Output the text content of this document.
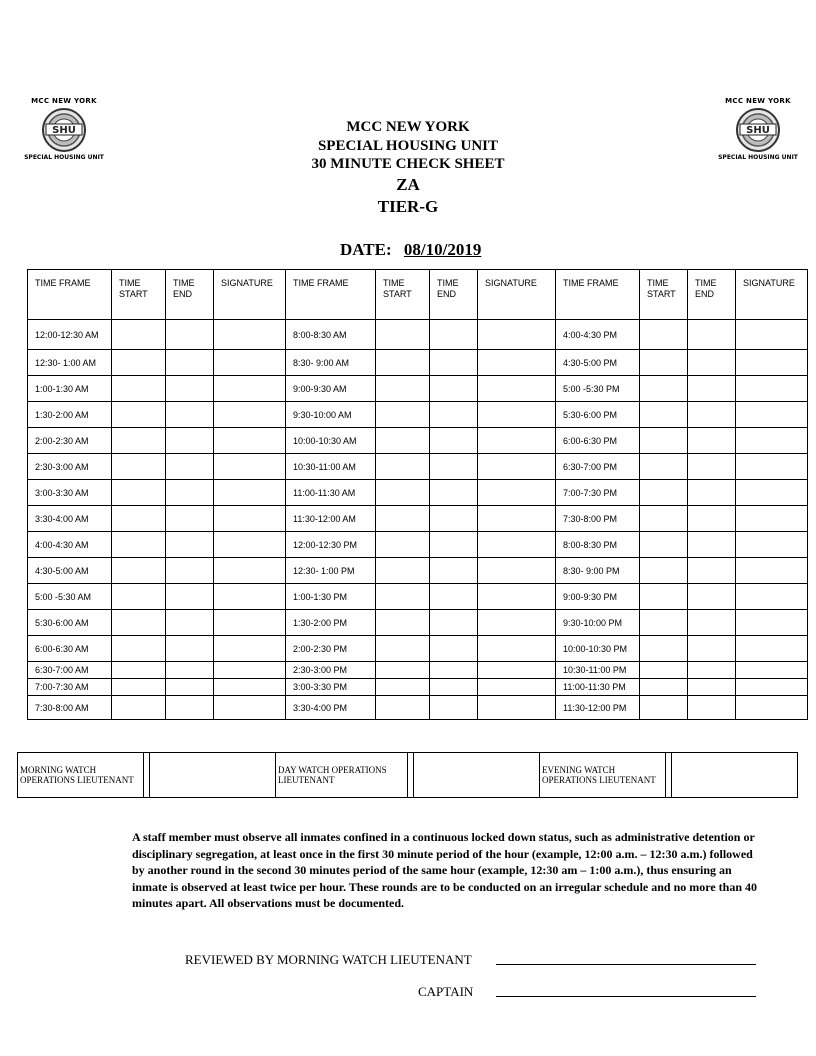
MCC NEW YORK
SHU
SPECIAL HOUSING UNIT
MCC NEW YORK
SHU
SPECIAL HOUSING UNIT
MCC NEW YORK
SPECIAL HOUSING UNIT
30 MINUTE CHECK SHEET
ZA
TIER-G
DATE: 08/10/2019
TIME FRAME	TIME START	TIME END	SIGNATURE	TIME FRAME	TIME START	TIME END	SIGNATURE	TIME FRAME	TIME START	TIME END	SIGNATURE
12:00-12:30 AM				8:00-8:30 AM				4:00-4:30 PM			
12:30- 1:00 AM				8:30- 9:00 AM				4:30-5:00 PM			
1:00-1:30 AM				9:00-9:30 AM				5:00 -5:30 PM			
1:30-2:00 AM				9:30-10:00 AM				5:30-6:00 PM			
2:00-2:30 AM				10:00-10:30 AM				6:00-6:30 PM			
2:30-3:00 AM				10:30-11:00 AM				6:30-7:00 PM			
3:00-3:30 AM				11:00-11:30 AM				7:00-7:30 PM			
3:30-4:00 AM				11:30-12:00 AM				7:30-8:00 PM			
4:00-4:30 AM				12:00-12:30 PM				8:00-8:30 PM			
4:30-5:00 AM				12:30- 1:00 PM				8:30- 9:00 PM			
5:00 -5:30 AM				1:00-1:30 PM				9:00-9:30 PM			
5:30-6:00 AM				1:30-2:00 PM				9:30-10:00 PM			
6:00-6:30 AM				2:00-2:30 PM				10:00-10:30 PM			
6:30-7:00 AM				2:30-3:00 PM				10:30-11:00 PM			
7:00-7:30 AM				3:00-3:30 PM				11:00-11:30 PM			
7:30-8:00 AM				3:30-4:00 PM				11:30-12:00 PM			
MORNING WATCH OPERATIONS LIEUTENANT			DAY WATCH OPERATIONS LIEUTENANT			EVENING WATCH OPERATIONS LIEUTENANT		
A staff member must observe all inmates confined in a continuous locked down status, such as administrative detention or disciplinary segregation, at least once in the first 30 minute period of the hour (example, 12:00 a.m. – 12:30 a.m.) followed by another round in the second 30 minutes period of the same hour (example, 12:30 am – 1:00 a.m.), thus ensuring an inmate is observed at least twice per hour. These rounds are to be conducted on an irregular schedule and no more than 40 minutes apart. All observations must be documented.
REVIEWED BY MORNING WATCH LIEUTENANT
CAPTAIN
